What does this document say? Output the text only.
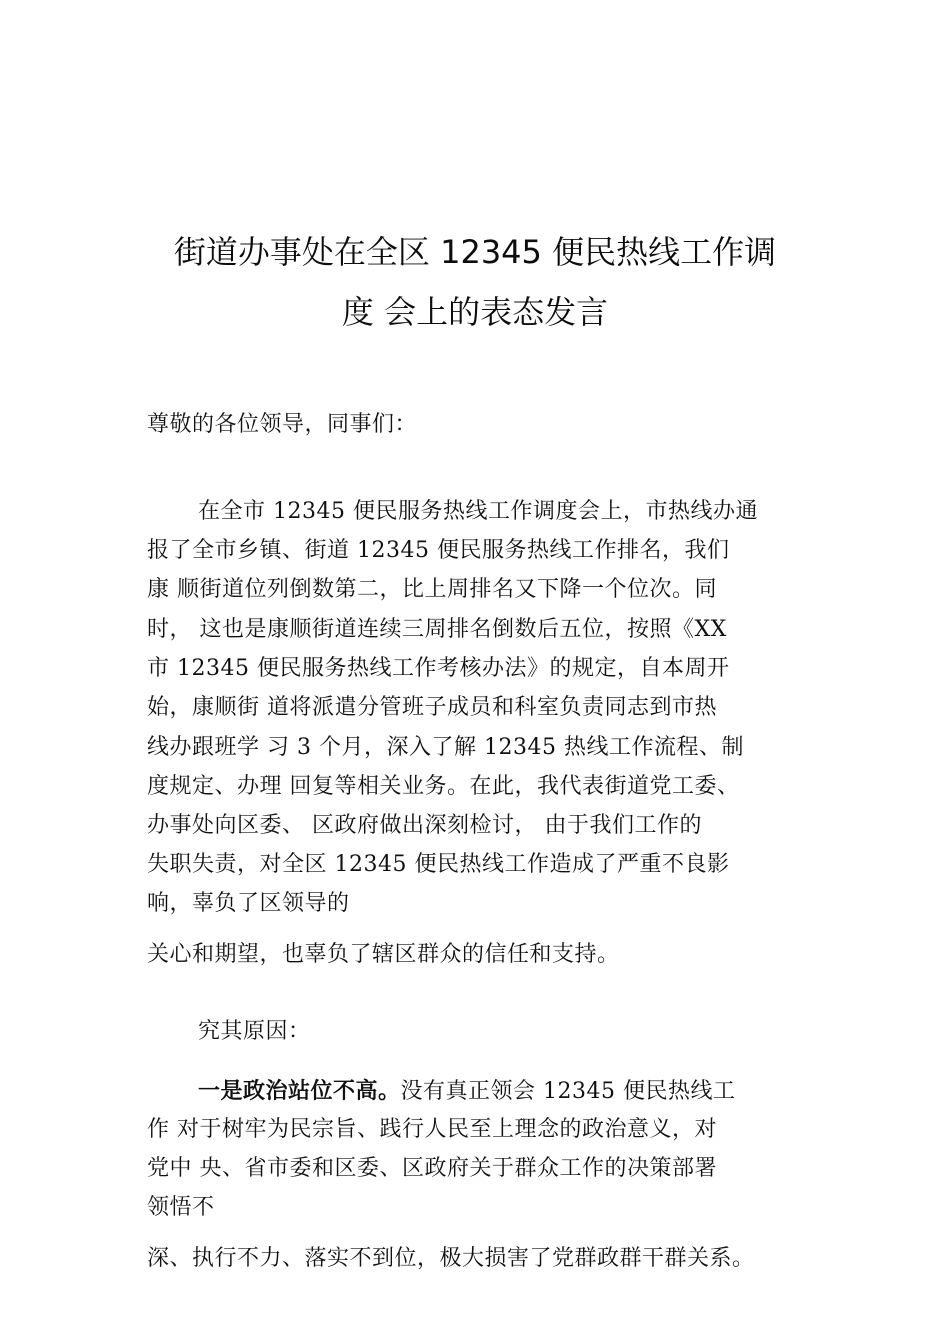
街道办事处在全区 12345 便民热线工作调
度 会上的表态发言
尊敬的各位领导，同事们：
在全市 12345 便民服务热线工作调度会上，市热线办通
报了全市乡镇、街道 12345 便民服务热线工作排名，我们
康 顺街道位列倒数第二，比上周排名又下降一个位次。同
时， 这也是康顺街道连续三周排名倒数后五位，按照《XX
市 12345 便民服务热线工作考核办法》的规定，自本周开
始，康顺街 道将派遣分管班子成员和科室负责同志到市热
线办跟班学 习 3 个月，深入了解 12345 热线工作流程、制
度规定、办理 回复等相关业务。在此，我代表街道党工委、
办事处向区委、 区政府做出深刻检讨， 由于我们工作的
失职失责，对全区 12345 便民热线工作造成了严重不良影
响，辜负了区领导的
关心和期望，也辜负了辖区群众的信任和支持。
究其原因：
一是政治站位不高。没有真正领会 12345 便民热线工
作 对于树牢为民宗旨、践行人民至上理念的政治意义，对
党中 央、省市委和区委、区政府关于群众工作的决策部署
领悟不
深、执行不力、落实不到位，极大损害了党群政群干群关系。
